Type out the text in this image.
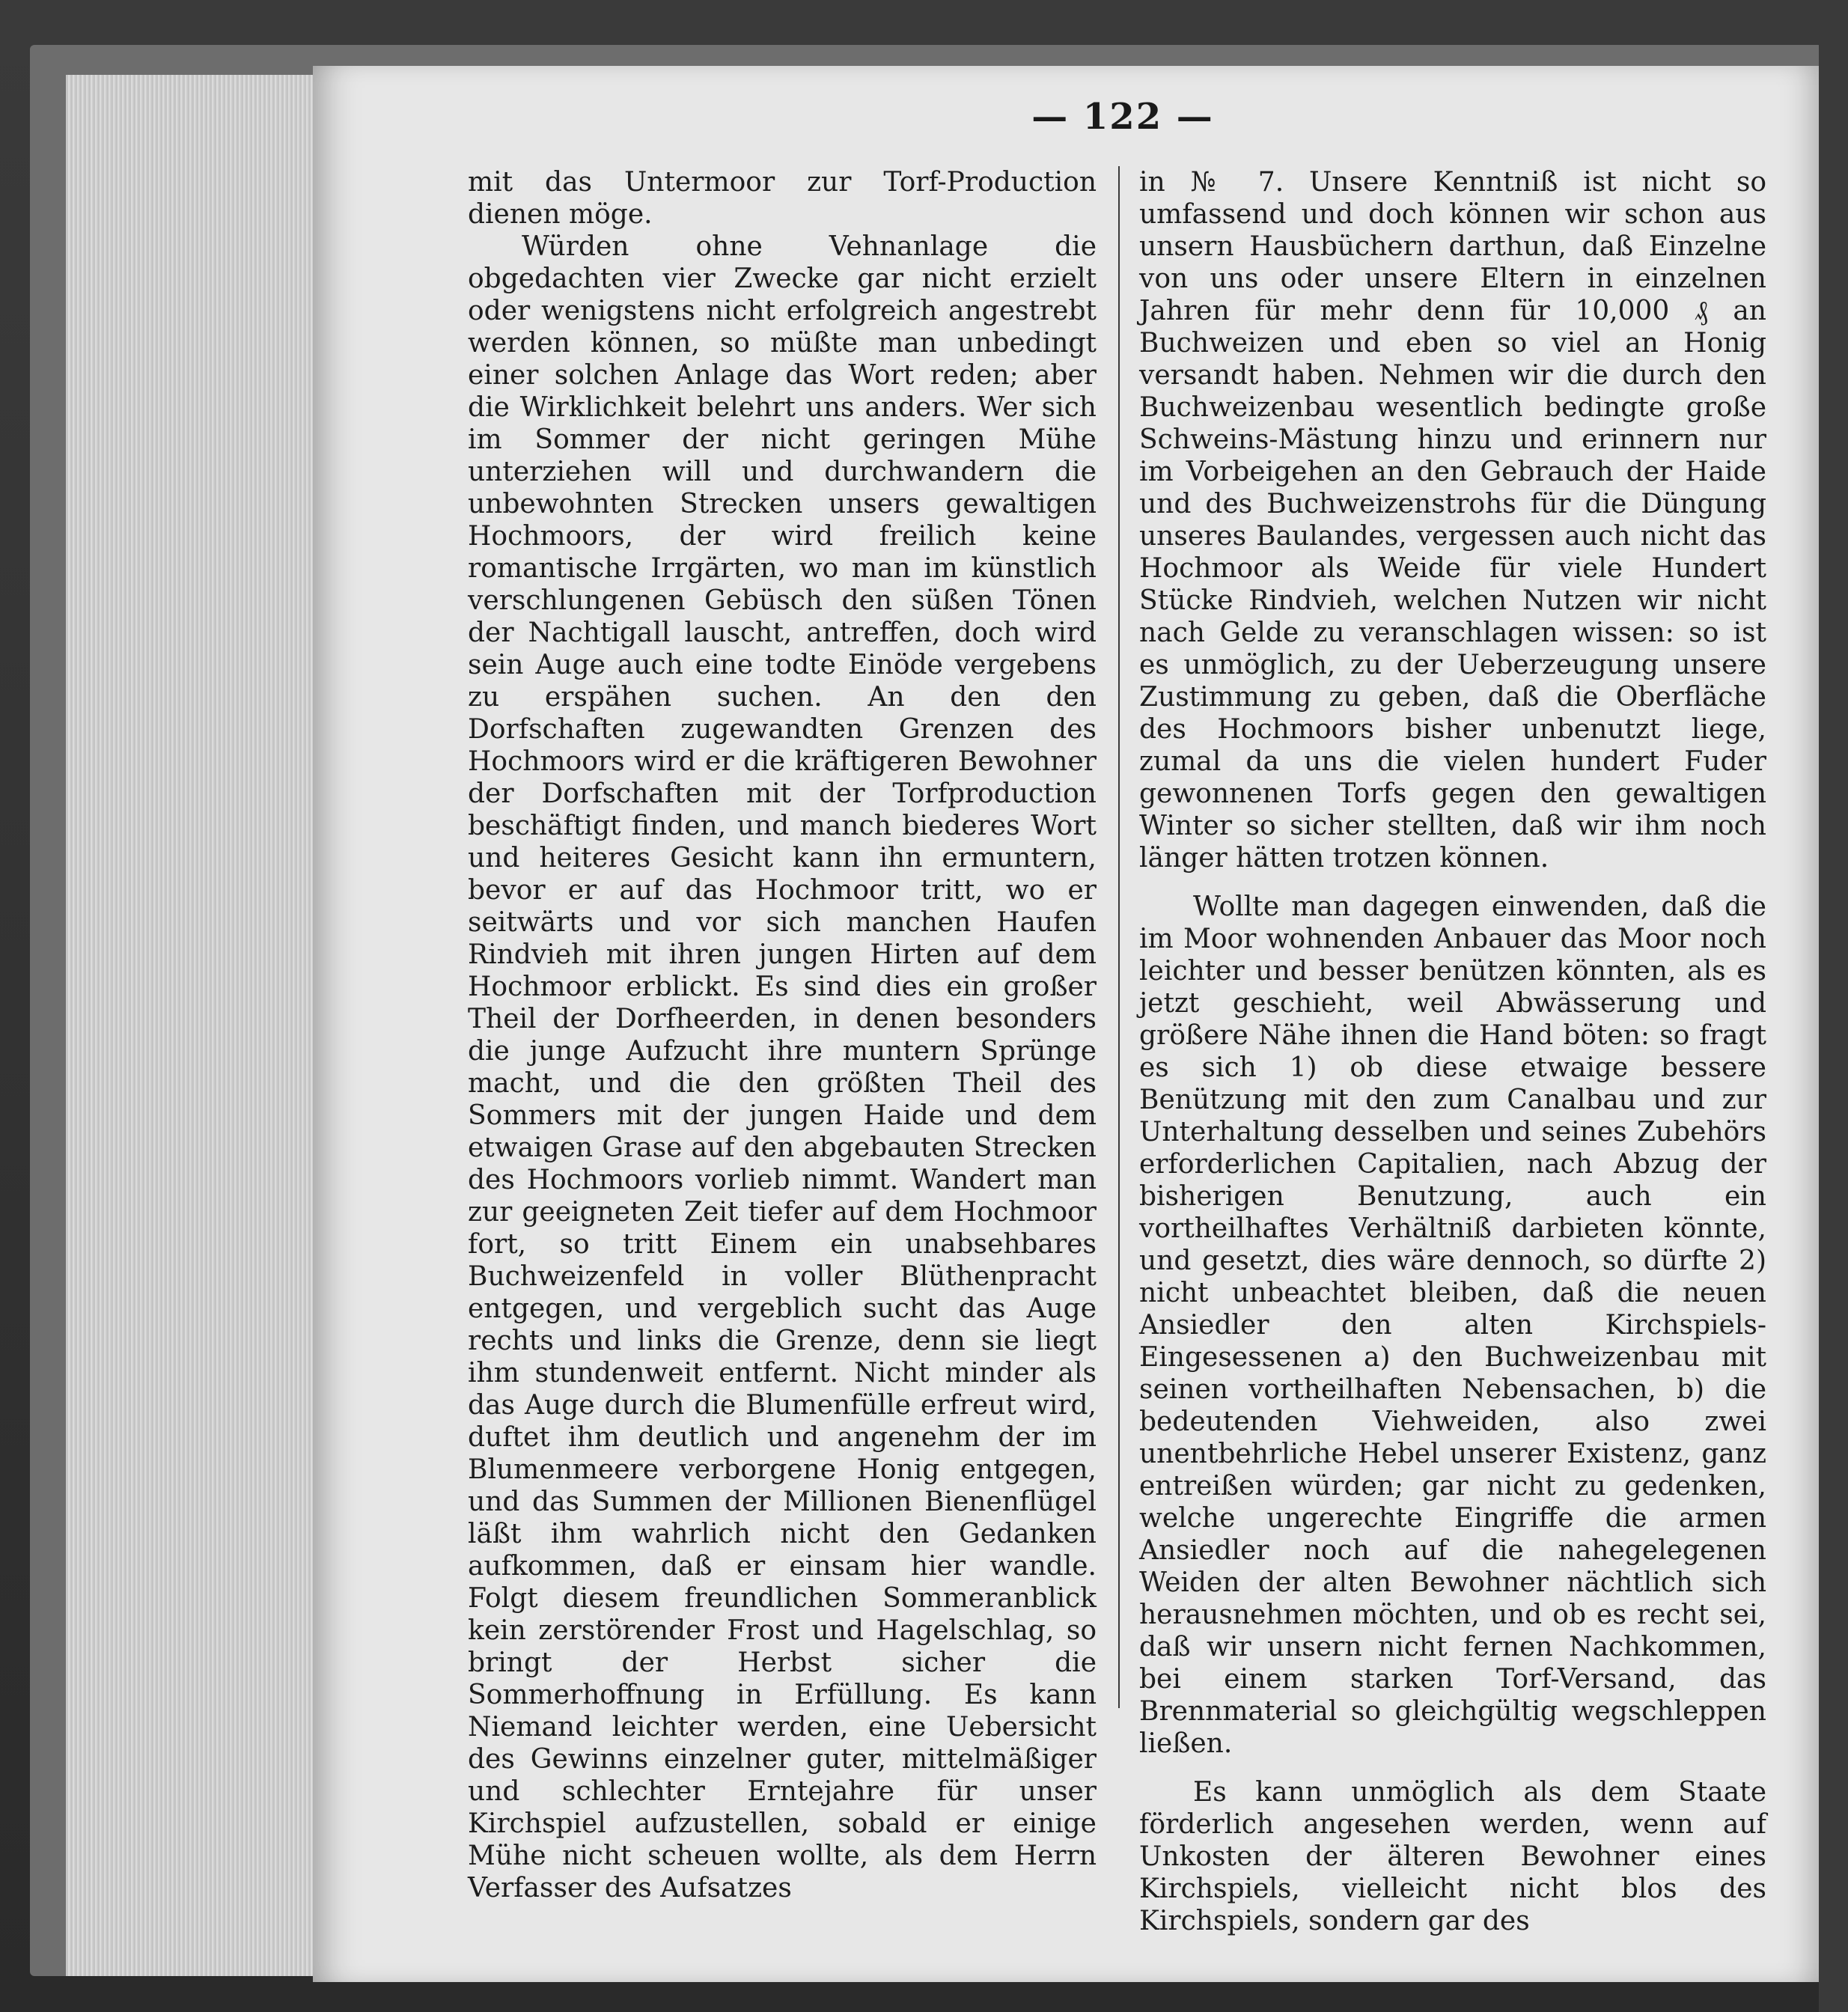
— 122 —

mit das Untermoor zur Torf-Production dienen möge.

Würden ohne Vehnanlage die obgedachten vier Zwecke gar nicht erzielt oder wenigstens nicht erfolgreich angestrebt werden können, so müßte man unbedingt einer solchen Anlage das Wort reden; aber die Wirklichkeit belehrt uns anders. Wer sich im Sommer der nicht geringen Mühe unterziehen will und durchwandern die unbewohnten Strecken unsers gewaltigen Hochmoors, der wird freilich keine romantische Irrgärten, wo man im künstlich verschlungenen Gebüsch den süßen Tönen der Nachtigall lauscht, antreffen, doch wird sein Auge auch eine todte Einöde vergebens zu erspähen suchen. An den den Dorfschaften zugewandten Grenzen des Hochmoors wird er die kräftigeren Bewohner der Dorfschaften mit der Torfproduction beschäftigt finden, und manch biederes Wort und heiteres Gesicht kann ihn ermuntern, bevor er auf das Hochmoor tritt, wo er seitwärts und vor sich manchen Haufen Rindvieh mit ihren jungen Hirten auf dem Hochmoor erblickt. Es sind dies ein großer Theil der Dorfheerden, in denen besonders die junge Aufzucht ihre muntern Sprünge macht, und die den größten Theil des Sommers mit der jungen Haide und dem etwaigen Grase auf den abgebauten Strecken des Hochmoors vorlieb nimmt. Wandert man zur geeigneten Zeit tiefer auf dem Hochmoor fort, so tritt Einem ein unabsehbares Buchweizenfeld in voller Blüthenpracht entgegen, und vergeblich sucht das Auge rechts und links die Grenze, denn sie liegt ihm stundenweit entfernt. Nicht minder als das Auge durch die Blumenfülle erfreut wird, duftet ihm deutlich und angenehm der im Blumenmeere verborgene Honig entgegen, und das Summen der Millionen Bienenflügel läßt ihm wahrlich nicht den Gedanken aufkommen, daß er einsam hier wandle. Folgt diesem freundlichen Sommeranblick kein zerstörender Frost und Hagelschlag, so bringt der Herbst sicher die Sommerhoffnung in Erfüllung. Es kann Niemand leichter werden, eine Uebersicht des Gewinns einzelner guter, mittelmäßiger und schlechter Erntejahre für unser Kirchspiel aufzustellen, sobald er einige Mühe nicht scheuen wollte, als dem Herrn Verfasser des Aufsatzes

in № 7. Unsere Kenntniß ist nicht so umfassend und doch können wir schon aus unsern Hausbüchern darthun, daß Einzelne von uns oder unsere Eltern in einzelnen Jahren für mehr denn für 10,000 ₰ an Buchweizen und eben so viel an Honig versandt haben. Nehmen wir die durch den Buchweizenbau wesentlich bedingte große Schweins-Mästung hinzu und erinnern nur im Vorbeigehen an den Gebrauch der Haide und des Buchweizenstrohs für die Düngung unseres Baulandes, vergessen auch nicht das Hochmoor als Weide für viele Hundert Stücke Rindvieh, welchen Nutzen wir nicht nach Gelde zu veranschlagen wissen: so ist es unmöglich, zu der Ueberzeugung unsere Zustimmung zu geben, daß die Oberfläche des Hochmoors bisher unbenutzt liege, zumal da uns die vielen hundert Fuder gewonnenen Torfs gegen den gewaltigen Winter so sicher stellten, daß wir ihm noch länger hätten trotzen können.

Wollte man dagegen einwenden, daß die im Moor wohnenden Anbauer das Moor noch leichter und besser benützen könnten, als es jetzt geschieht, weil Abwässerung und größere Nähe ihnen die Hand böten: so fragt es sich 1) ob diese etwaige bessere Benützung mit den zum Canalbau und zur Unterhaltung desselben und seines Zubehörs erforderlichen Capitalien, nach Abzug der bisherigen Benutzung, auch ein vortheilhaftes Verhältniß darbieten könnte, und gesetzt, dies wäre dennoch, so dürfte 2) nicht unbeachtet bleiben, daß die neuen Ansiedler den alten Kirchspiels-Eingesessenen a) den Buchweizenbau mit seinen vortheilhaften Nebensachen, b) die bedeutenden Viehweiden, also zwei unentbehrliche Hebel unserer Existenz, ganz entreißen würden; gar nicht zu gedenken, welche ungerechte Eingriffe die armen Ansiedler noch auf die nahegelegenen Weiden der alten Bewohner nächtlich sich herausnehmen möchten, und ob es recht sei, daß wir unsern nicht fernen Nachkommen, bei einem starken Torf-Versand, das Brennmaterial so gleichgültig wegschleppen ließen.

Es kann unmöglich als dem Staate förderlich angesehen werden, wenn auf Unkosten der älteren Bewohner eines Kirchspiels, vielleicht nicht blos des Kirchspiels, sondern gar des
